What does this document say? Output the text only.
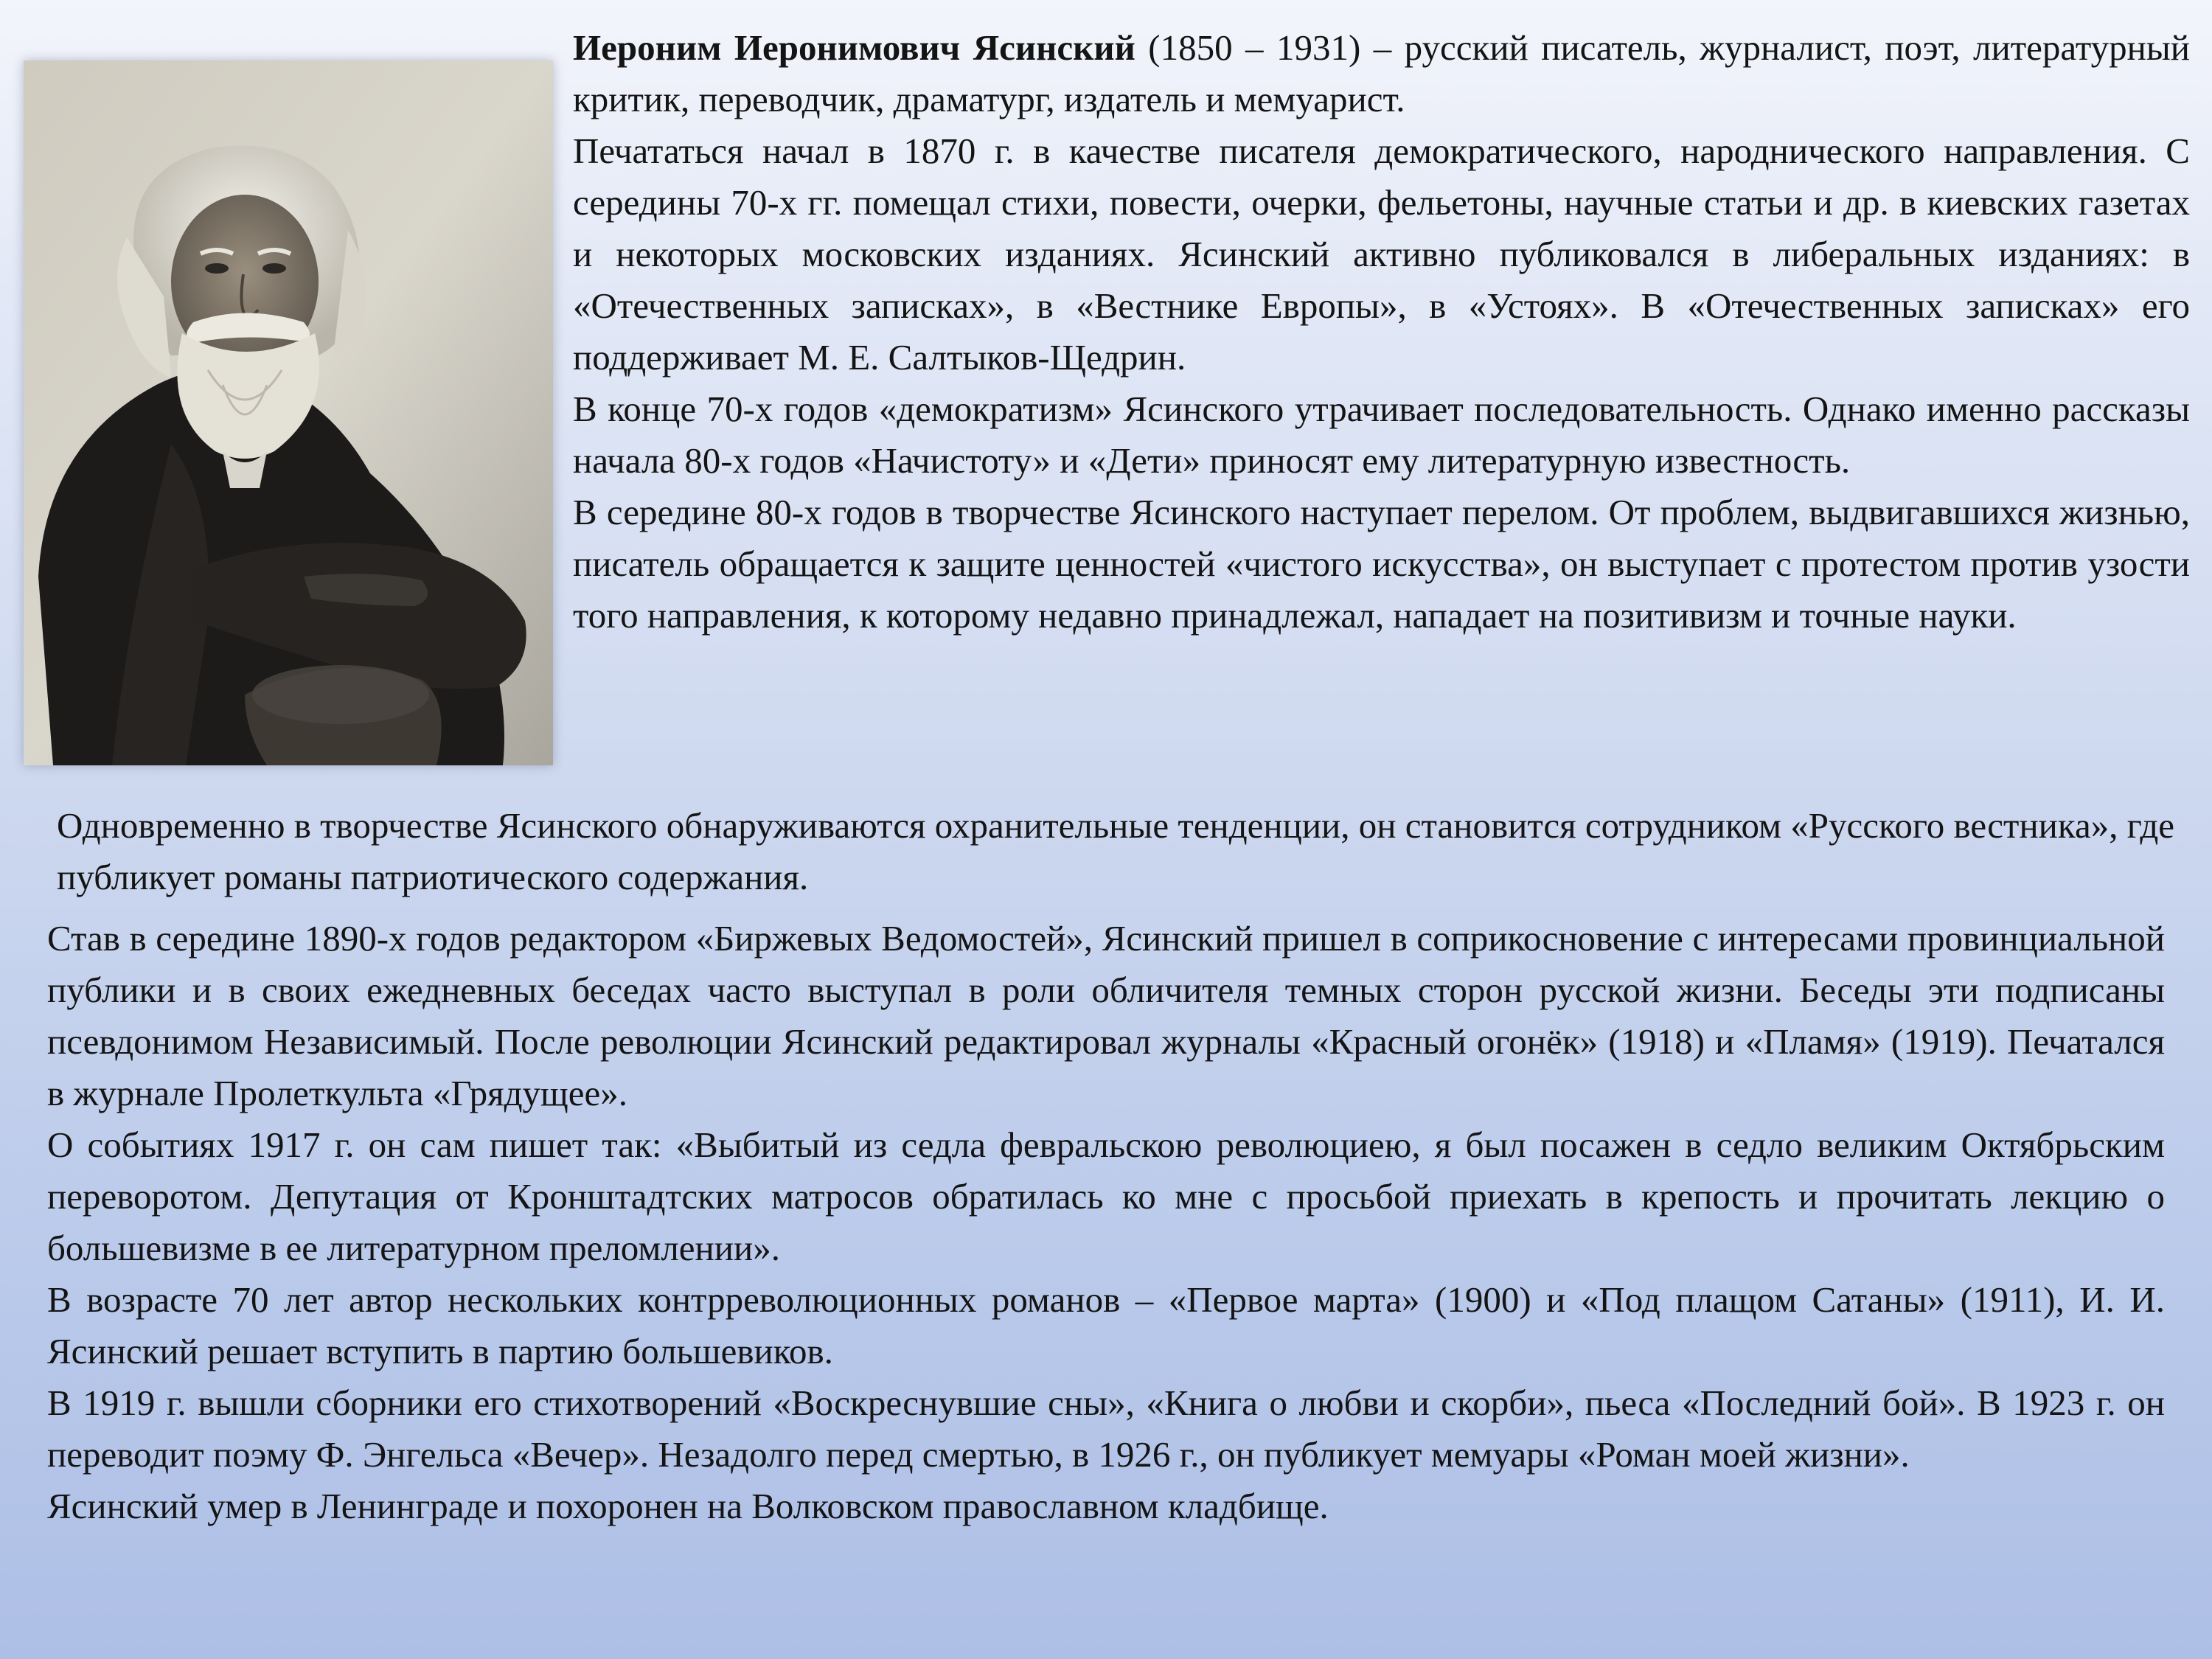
Иероним Иеронимович Ясинский (1850 – 1931) – русский писатель, журналист, поэт, литературный критик, переводчик, драматург, издатель и мемуарист.

Печататься начал в 1870 г. в качестве писателя демократического, народнического направления. С середины 70-х гг. помещал стихи, повести, очерки, фельетоны, научные статьи и др. в киевских газетах и некоторых московских изданиях. Ясинский активно публиковался в либеральных изданиях: в «Отечественных записках», в «Вестнике Европы», в «Устоях». В «Отечественных записках» его поддерживает М. Е. Салтыков-Щедрин.

В конце 70-х годов «демократизм» Ясинского утрачивает последовательность. Однако именно рассказы начала 80-х годов «Начистоту» и «Дети» приносят ему литературную известность.

В середине 80-х годов в творчестве Ясинского наступает перелом. От проблем, выдвигавшихся жизнью, писатель обращается к защите ценностей «чистого искусства», он выступает с протестом против узости того направления, к которому недавно принадлежал, нападает на позитивизм и точные науки.

Одновременно в творчестве Ясинского обнаруживаются охранительные тенденции, он становится сотрудником «Русского вестника», где публикует романы патриотического содержания.

Став в середине 1890-х годов редактором «Биржевых Ведомостей», Ясинский пришел в соприкосновение с интересами провинциальной публики и в своих ежедневных беседах часто выступал в роли обличителя темных сторон русской жизни. Беседы эти подписаны псевдонимом Независимый. После революции Ясинский редактировал журналы «Красный огонёк» (1918) и «Пламя» (1919). Печатался в журнале Пролеткульта «Грядущее».

О событиях 1917 г. он сам пишет так: «Выбитый из седла февральскою революциею, я был посажен в седло великим Октябрьским переворотом. Депутация от Кронштадтских матросов обратилась ко мне с просьбой приехать в крепость и прочитать лекцию о большевизме в ее литературном преломлении».

В возрасте 70 лет автор нескольких контрреволюционных романов – «Первое марта» (1900) и «Под плащом Сатаны» (1911), И. И. Ясинский решает вступить в партию большевиков.

В 1919 г. вышли сборники его стихотворений «Воскреснувшие сны», «Книга о любви и скорби», пьеса «Последний бой». В 1923 г. он переводит поэму Ф. Энгельса «Вечер». Незадолго перед смертью, в 1926 г., он публикует мемуары «Роман моей жизни».

Ясинский умер в Ленинграде и похоронен на Волковском православном кладбище.
